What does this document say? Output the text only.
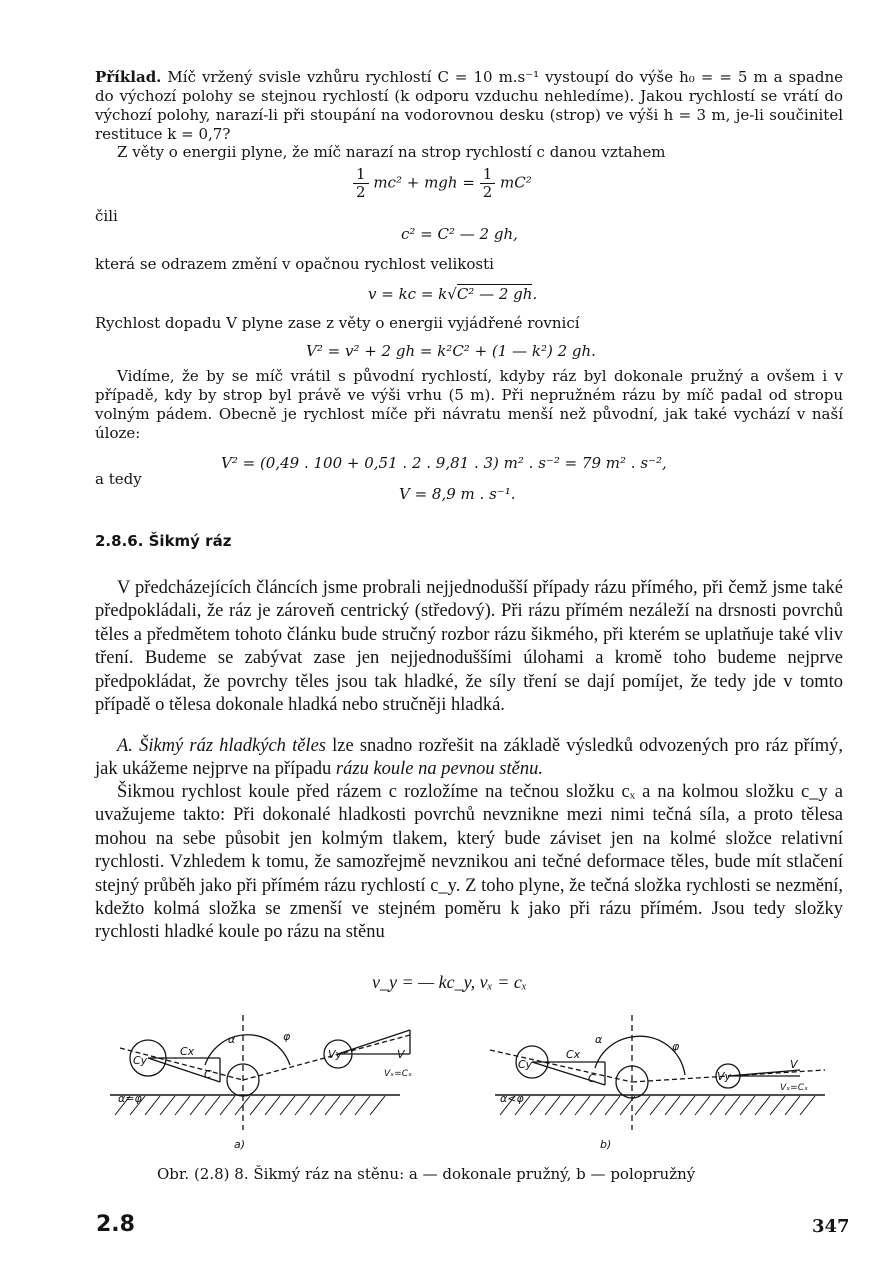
Příklad. Míč vržený svisle vzhůru rychlostí C = 10 m.s⁻¹ vystoupí do výše h₀ = = 5 m a spadne do výchozí polohy se stejnou rychlostí (k odporu vzduchu nehledíme). Jakou rychlostí se vrátí do výchozí polohy, narazí-li při stoupání na vodorovnou desku (strop) ve výši h = 3 m, je-li součinitel restituce k = 0,7?
Z věty o energii plyne, že míč narazí na strop rychlostí c danou vztahem
$\frac{1}{2} mc^2$ + mgh = $\frac{1}{2} mC^2$
čili
c² = C² — 2 gh,
která se odrazem změní v opačnou rychlost velikosti
v = kc = k√C² — 2 gh.
Rychlost dopadu V plyne zase z věty o energii vyjádřené rovnicí
V² = v² + 2 gh = k²C² + (1 — k²) 2 gh.
Vidíme, že by se míč vrátil s původní rychlostí, kdyby ráz byl dokonale pružný a ovšem i v případě, kdy by strop byl právě ve výši vrhu (5 m). Při nepružném rázu by míč padal od stropu volným pádem. Obecně je rychlost míče při návratu menší než původní, jak také vychází v naší úloze:
V² = (0,49 . 100 + 0,51 . 2 . 9,81 . 3) m² . s⁻² = 79 m² . s⁻²,
a tedy
V = 8,9 m . s⁻¹.
2.8.6. Šikmý ráz
V předcházejících článcích jsme probrali nejjednodušší případy rázu přímého, při čemž jsme také předpokládali, že ráz je zároveň centrický (středový). Při rázu přímém nezáleží na drsnosti povrchů těles a předmětem tohoto článku bude stručný rozbor rázu šikmého, při kterém se uplatňuje také vliv tření. Budeme se zabývat zase jen nejjednoduššími úlohami a kromě toho budeme nejprve předpokládat, že povrchy těles jsou tak hladké, že síly tření se dají pomíjet, že tedy jde v tomto případě o tělesa dokonale hladká nebo stručněji hladká.
A. Šikmý ráz hladkých těles lze snadno rozřešit na základě výsledků odvozených pro ráz přímý, jak ukážeme nejprve na případu rázu koule na pevnou stěnu.
Šikmou rychlost koule před rázem c rozložíme na tečnou složku cₓ a na kolmou složku c_y a uvažujeme takto: Při dokonalé hladkosti povrchů nevznikne mezi nimi tečná síla, a proto tělesa mohou na sebe působit jen kolmým tlakem, který bude záviset jen na kolmé složce relativní rychlosti. Vzhledem k tomu, že samozřejmě nevznikou ani tečné deformace těles, bude mít stlačení stejný průběh jako při přímém rázu rychlostí c_y. Z toho plyne, že tečná složka rychlosti se nezmění, kdežto kolmá složka se zmenší ve stejném poměru k jako při rázu přímém. Jsou tedy složky rychlosti hladké koule po rázu na stěnu
v_y = — kc_y, vₓ = cₓ
Cx
C
Cy
α	φ
Vy	V
Vₓ=Cₓ
α=φ
a)
Cx
C
Cy
α
φ
Vy
V
Vₓ=Cₓ
α<φ
b)
Obr. (2.8) 8. Šikmý ráz na stěnu: a — dokonale pružný, b — polopružný
2.8	347
